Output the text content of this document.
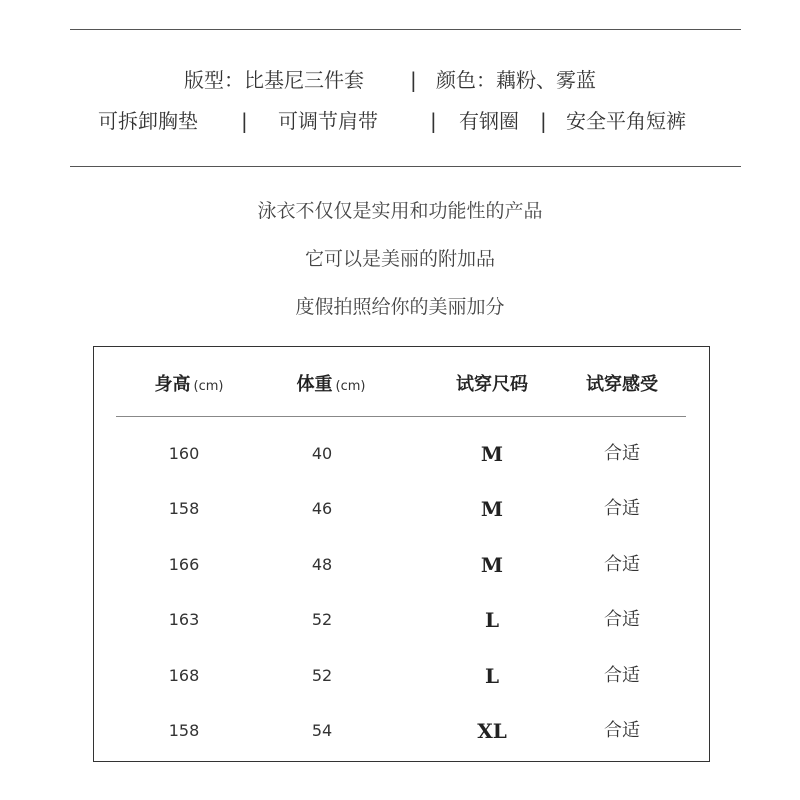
版型：比基尼三件套 | 颜色：藕粉、雾蓝
可拆卸胸垫 | 可调节肩带	| 有钢圈 | 安全平角短裤
泳衣不仅仅是实用和功能性的产品
它可以是美丽的附加品
度假拍照给你的美丽加分
身高 (cm)	体重 (cm)	试穿尺码	试穿感受
160	40	M	合适
158	46	M	合适
166	48	M	合适
163	52	L	合适
168	52	L	合适
158	54	XL	合适
